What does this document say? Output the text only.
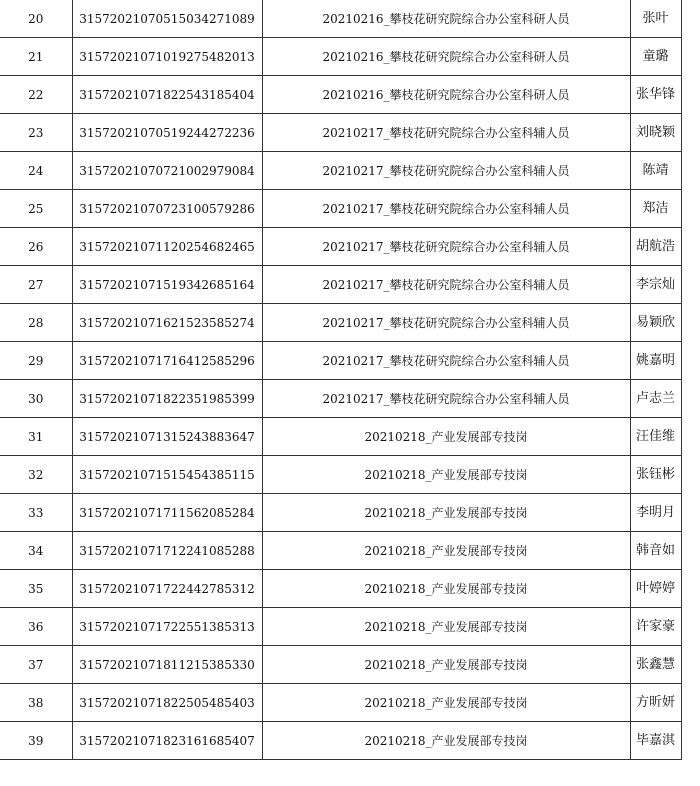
20	31572021070515034271089	20210216_攀枝花研究院综合办公室科研人员	张叶
21	31572021071019275482013	20210216_攀枝花研究院综合办公室科研人员	童璐
22	31572021071822543185404	20210216_攀枝花研究院综合办公室科研人员	张华锋
23	31572021070519244272236	20210217_攀枝花研究院综合办公室科辅人员	刘晓颖
24	31572021070721002979084	20210217_攀枝花研究院综合办公室科辅人员	陈靖
25	31572021070723100579286	20210217_攀枝花研究院综合办公室科辅人员	郑洁
26	31572021071120254682465	20210217_攀枝花研究院综合办公室科辅人员	胡航浩
27	31572021071519342685164	20210217_攀枝花研究院综合办公室科辅人员	李宗灿
28	31572021071621523585274	20210217_攀枝花研究院综合办公室科辅人员	易颖欣
29	31572021071716412585296	20210217_攀枝花研究院综合办公室科辅人员	姚嘉明
30	31572021071822351985399	20210217_攀枝花研究院综合办公室科辅人员	卢志兰
31	31572021071315243883647	20210218_产业发展部专技岗	汪佳维
32	31572021071515454385115	20210218_产业发展部专技岗	张钰彬
33	31572021071711562085284	20210218_产业发展部专技岗	李明月
34	31572021071712241085288	20210218_产业发展部专技岗	韩音如
35	31572021071722442785312	20210218_产业发展部专技岗	叶婷婷
36	31572021071722551385313	20210218_产业发展部专技岗	许家豪
37	31572021071811215385330	20210218_产业发展部专技岗	张鑫慧
38	31572021071822505485403	20210218_产业发展部专技岗	方昕妍
39	31572021071823161685407	20210218_产业发展部专技岗	毕嘉淇
